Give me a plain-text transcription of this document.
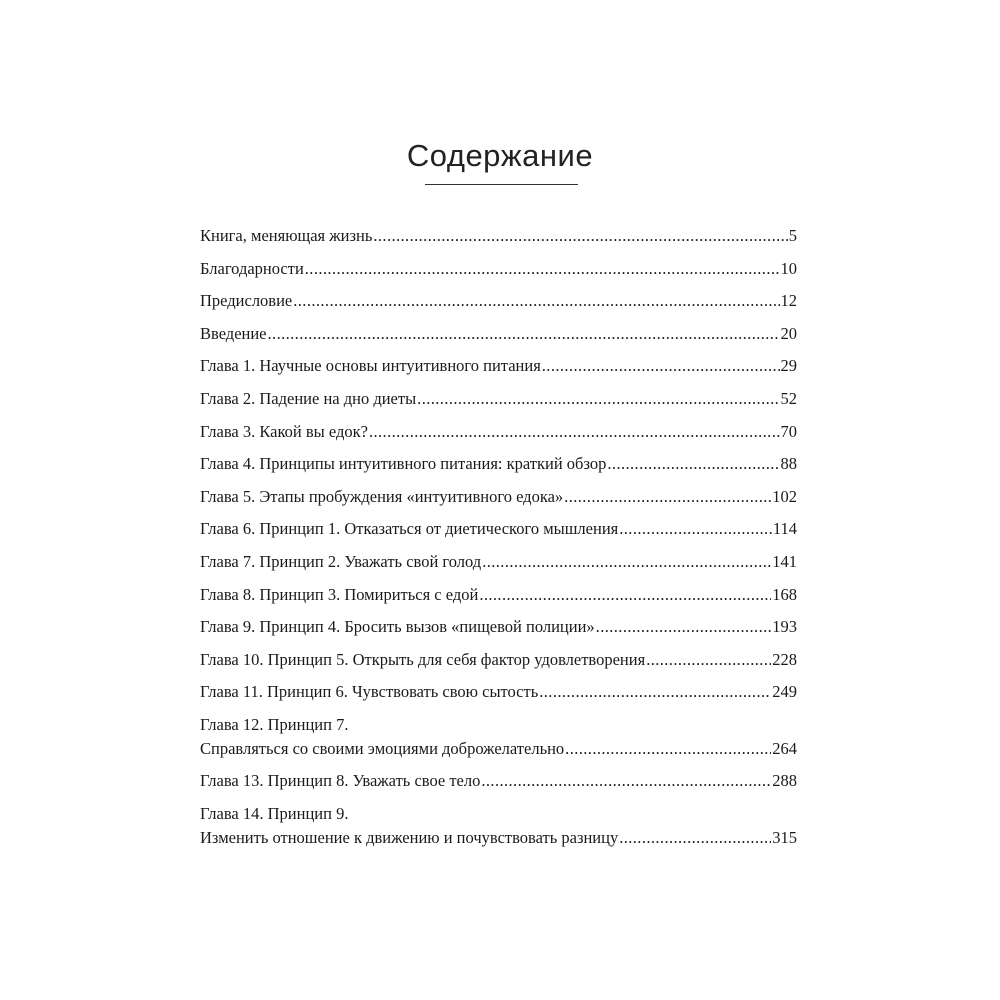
Содержание
Книга, меняющая жизнь .....	5
Благодарности .....	10
Предисловие .....	12
Введение .....	20
Глава 1. Научные основы интуитивного питания .....	29
Глава 2. Падение на дно диеты .....	52
Глава 3. Какой вы едок? .....	70
Глава 4. Принципы интуитивного питания: краткий обзор .....	88
Глава 5. Этапы пробуждения «интуитивного едока» .....	102
Глава 6. Принцип 1. Отказаться от диетического мышления .....	114
Глава 7. Принцип 2. Уважать свой голод .....	141
Глава 8. Принцип 3. Помириться с едой .....	168
Глава 9. Принцип 4. Бросить вызов «пищевой полиции» .....	193
Глава 10. Принцип 5. Открыть для себя фактор удовлетворения .....	228
Глава 11. Принцип 6. Чувствовать свою сытость .....	249
Глава 12. Принцип 7.
Справляться со своими эмоциями доброжелательно .....	264
Глава 13. Принцип 8. Уважать свое тело .....	288
Глава 14. Принцип 9.
Изменить отношение к движению и почувствовать разницу .....	315
